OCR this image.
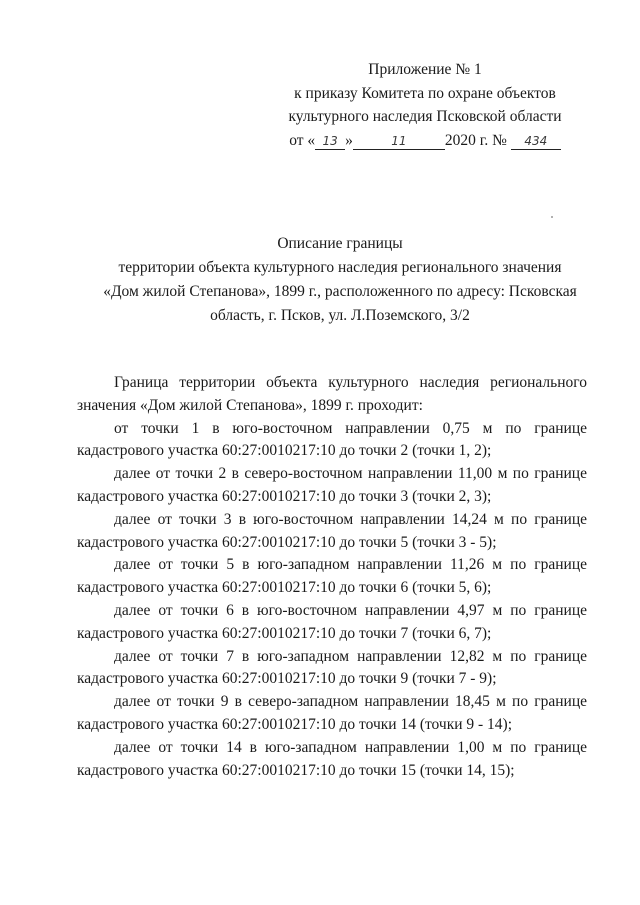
Приложение № 1
к приказу Комитета по охране объектов
культурного наследия Псковской области
от « 13 »	11 2020 г. № 434
Описание границы
территории объекта культурного наследия регионального значения
«Дом жилой Степанова», 1899 г., расположенного по адресу: Псковская
область, г. Псков, ул. Л.Поземского, 3/2

Граница территории объекта культурного наследия регионального значения «Дом жилой Степанова», 1899 г. проходит:

от точки 1 в юго-восточном направлении 0,75 м по границе кадастрового участка 60:27:0010217:10 до точки 2 (точки 1, 2);

далее от точки 2 в северо-восточном направлении 11,00 м по границе кадастрового участка 60:27:0010217:10 до точки 3 (точки 2, 3);

далее от точки 3 в юго-восточном направлении 14,24 м по границе кадастрового участка 60:27:0010217:10 до точки 5 (точки 3 - 5);

далее от точки 5 в юго-западном направлении 11,26 м по границе кадастрового участка 60:27:0010217:10 до точки 6 (точки 5, 6);

далее от точки 6 в юго-восточном направлении 4,97 м по границе кадастрового участка 60:27:0010217:10 до точки 7 (точки 6, 7);

далее от точки 7 в юго-западном направлении 12,82 м по границе кадастрового участка 60:27:0010217:10 до точки 9 (точки 7 - 9);

далее от точки 9 в северо-западном направлении 18,45 м по границе кадастрового участка 60:27:0010217:10 до точки 14 (точки 9 - 14);

далее от точки 14 в юго-западном направлении 1,00 м по границе кадастрового участка 60:27:0010217:10 до точки 15 (точки 14, 15);
